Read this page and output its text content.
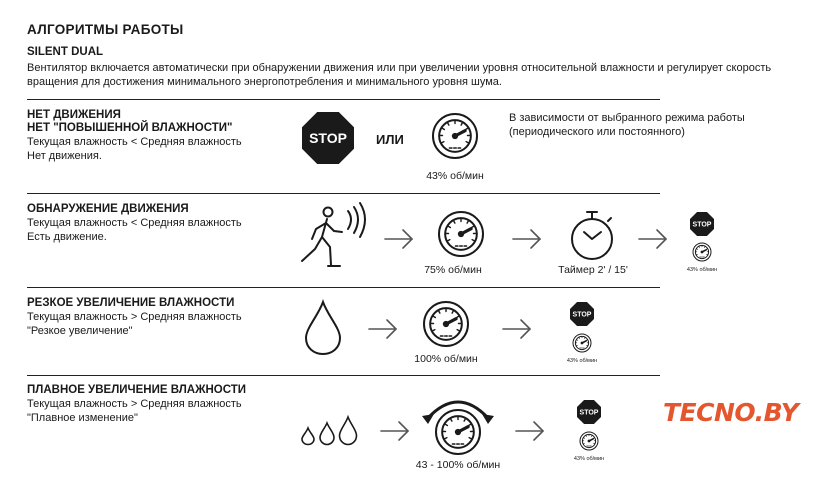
АЛГОРИТМЫ РАБОТЫ
SILENT DUAL
Вентилятор включается автоматически при обнаружении движения или при увеличении уровня относительной влажности и регулирует скорость вращения для достижения минимального энергопотребления и минимального уровня шума.
НЕТ ДВИЖЕНИЯ
НЕТ "ПОВЫШЕННОЙ ВЛАЖНОСТИ"
Текущая влажность < Средняя влажность
Нет движения.
STOP ИЛИ
43% об/мин
В зависимости от выбранного режима работы (периодического или постоянного)
ОБНАРУЖЕНИЕ ДВИЖЕНИЯ
Текущая влажность < Средняя влажность
Есть движение.
75% об/мин	Таймер 2' / 15'
STOP
43% об/мин
РЕЗКОЕ УВЕЛИЧЕНИЕ ВЛАЖНОСТИ
Текущая влажность > Средняя влажность
"Резкое увеличение"
100% об/мин
STOP
43% об/мин
ПЛАВНОЕ УВЕЛИЧЕНИЕ ВЛАЖНОСТИ
Текущая влажность > Средняя влажность
"Плавное изменение"
43 - 100% об/мин
STOP
43% об/мин
TECNO.BY
